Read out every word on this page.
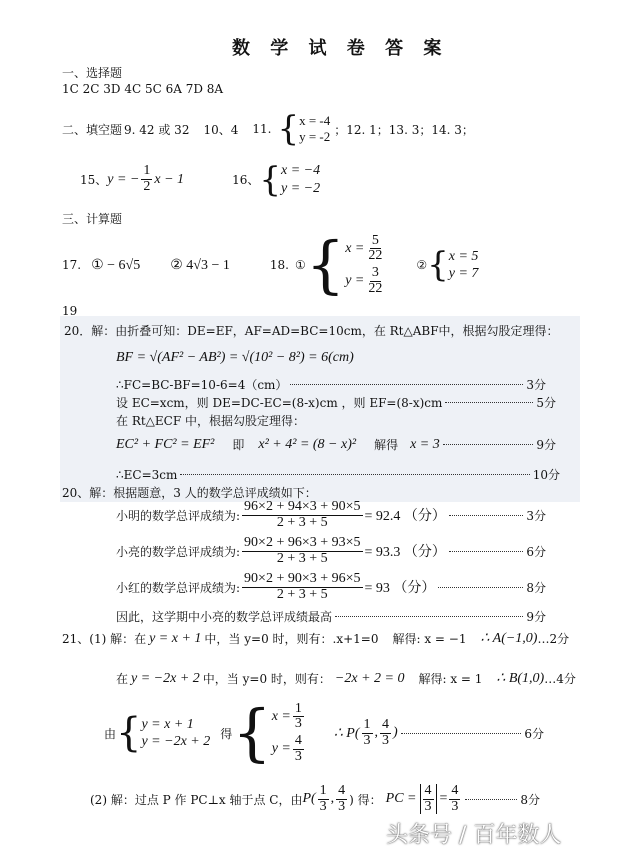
数 学 试 卷 答 案
一、选择题
1C 2C 3D 4C 5C 6A 7D 8A
二、填空题 9. 42 或 32 10、4 11. { x = -4
y = -2 ；12. 1；13. 3；14. 3；
15、 y = − $\frac{1}{2}$ x − 1	16、 { x = −4
y = −2
三、计算题
17. ① − 6√5 ② 4√3 − 1	18. ① { $x = \frac{5}{22}$
$y = \frac{3}{22}$
② { x = 5
y = 7
19
20．解：由折叠可知：DE=EF，AF=AD=BC=10cm，在 Rt△ABF中，根据勾股定理得：
BF = √(AF² − AB²) = √(10² − 8²) = 6(cm)
∴FC=BC-BF=10-6=4（cm）	3分
设 EC=xcm，则 DE=DC-EC=(8-x)cm ，则 EF=(8-x)cm	5分
在 Rt△ECF 中，根据勾股定理得：
EC² + FC² = EF² 即 x² + 4² = (8 − x)² 解得 x = 3	9分
∴EC=3cm	10分
20、解：根据题意，3 人的数学总评成绩如下：
小明的数学总评成绩为: $\frac{96\times 2 + 94\times 3 + 90\times 5}{2 + 3 + 5} = 92.4$ （分）	3分
小亮的数学总评成绩为: $\frac{90\times 2 + 96\times 3 + 93\times 5}{2 + 3 + 5} = 93.3$ （分）	6分
小红的数学总评成绩为: $\frac{90\times 2 + 90\times 3 + 96\times 5}{2 + 3 + 5} = 93$ （分）	8分
因此，这学期中小亮的数学总评成绩最高	9分
21、(1) 解：在 y = x + 1 中，当 y=0 时，则有：.x+1=0 解得: x = −1 ∴ A(−1,0) …2分
在 y = −2x + 2 中，当 y=0 时，则有： −2x + 2 = 0 解得: x = 1 ∴ B(1,0) …4分
由 { y = x + 1
y = −2x + 2
得 { $x = \frac{1}{3}$
$y = \frac{4}{3}$
∴ $P( \frac{1}{3}$ , $\frac{4}{3}$ )	6分
(2) 解：过点 P 作 PC⊥x 轴于点 C，由 $P( \frac{1}{3}$ , $\frac{4}{3}$ ) 得： PC = $\frac{4}{3} = \frac{4}{3}$	8分
头条号 / 百年数人
